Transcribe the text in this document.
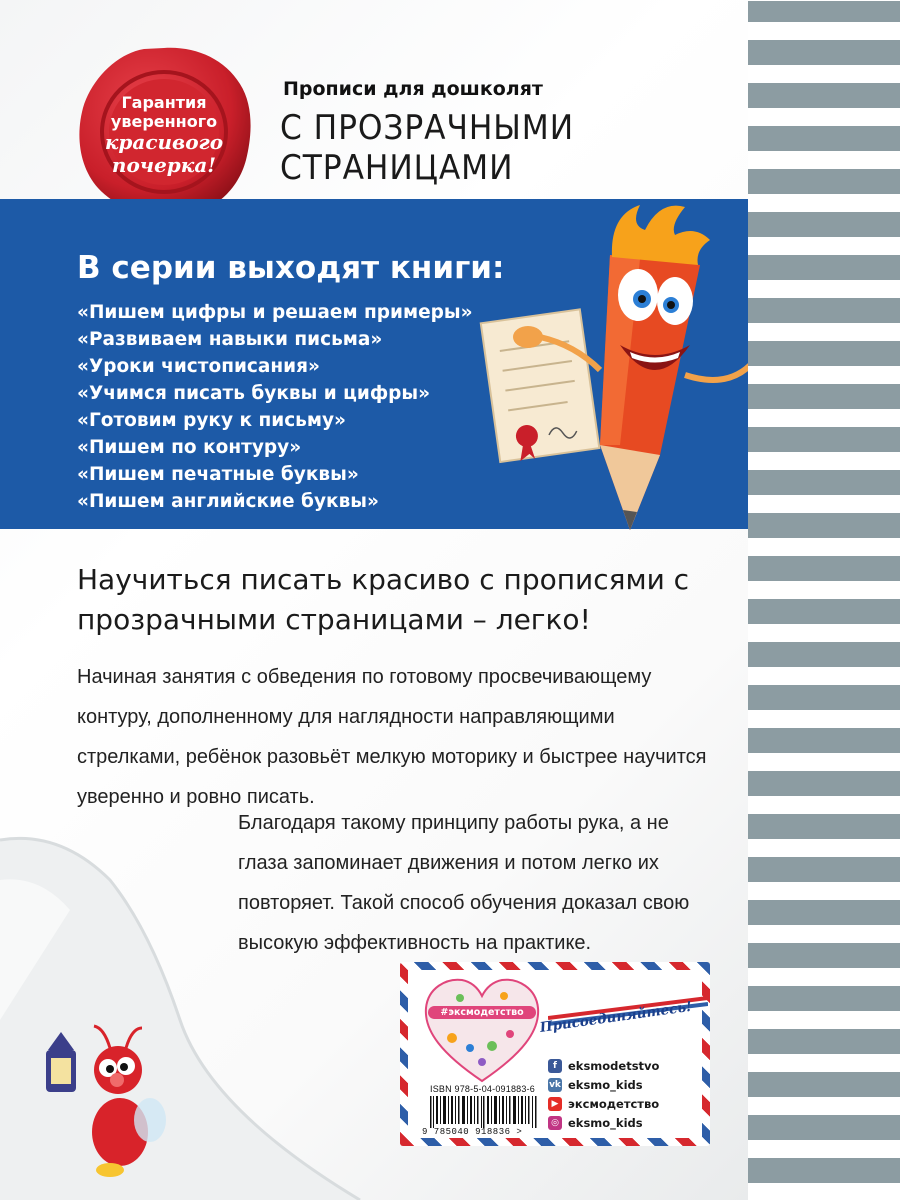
Гарантия
уверенного
красивого
почерка!
Прописи для дошколят
С ПРОЗРАЧНЫМИ СТРАНИЦАМИ
В серии выходят книги:
«Пишем цифры и решаем примеры»
«Развиваем навыки письма»
«Уроки чистописания»
«Учимся писать буквы и цифры»
«Готовим руку к письму»
«Пишем по контуру»
«Пишем печатные буквы»
«Пишем английские буквы»
Научиться писать красиво с прописями с прозрачными страницами – легко!
Начиная занятия с обведения по готовому просвечивающему контуру, дополненному для наглядности направляющими стрелками, ребёнок разовьёт мелкую моторику и быстрее научится уверенно и ровно писать.
Благодаря такому принципу работы рука, а не глаза запоминает движения и потом легко их повторяет. Такой способ обучения доказал свою высокую эффективность на практике.
#эксмодетство	Присоединяйтесь!
f eksmodetstvo
vk eksmo_kids
▶ эксмодетство
◎ eksmo_kids
ISBN 978-5-04-091883-6
9 785040 918836 >
